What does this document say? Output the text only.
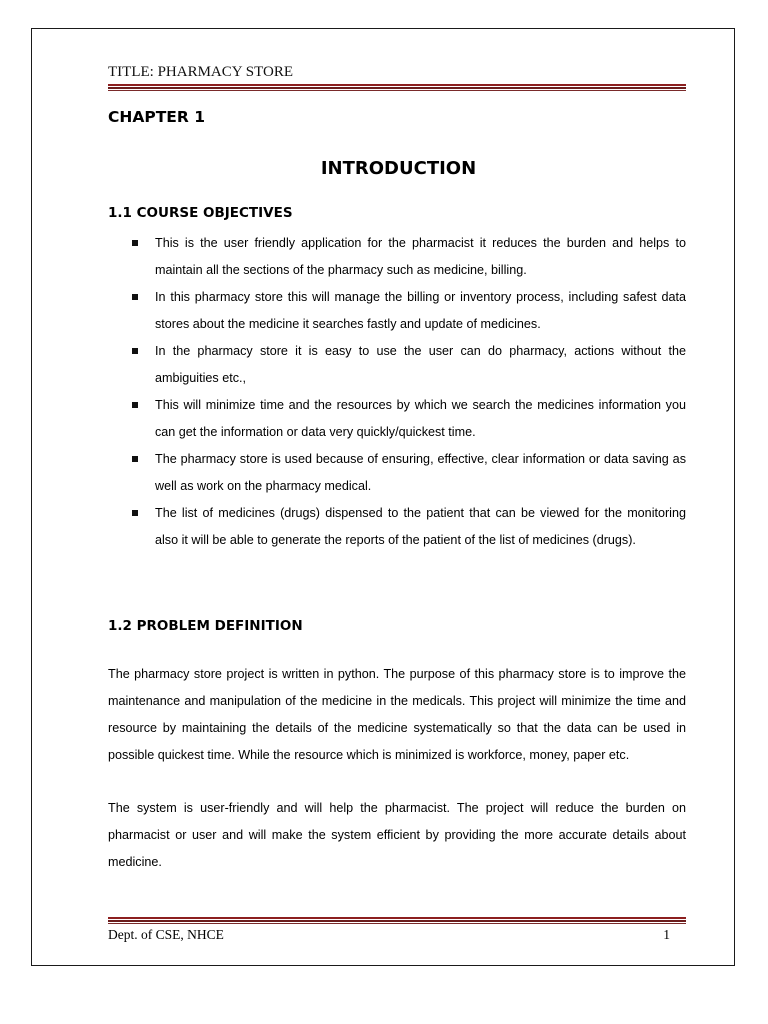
TITLE: PHARMACY STORE
CHAPTER 1
INTRODUCTION
1.1 COURSE OBJECTIVES
This is the user friendly application for the pharmacist it reduces the burden and helps to maintain all the sections of the pharmacy such as medicine, billing.
In this pharmacy store this will manage the billing or inventory process, including safest data stores about the medicine it searches fastly and update of medicines.
In the pharmacy store it is easy to use the user can do pharmacy, actions without the ambiguities etc.,
This will minimize time and the resources by which we search the medicines information you can get the information or data very quickly/quickest time.
The pharmacy store is used because of ensuring, effective, clear information or data saving as well as work on the pharmacy medical.
The list of medicines (drugs) dispensed to the patient that can be viewed for the monitoring also it will be able to generate the reports of the patient of the list of medicines (drugs).
1.2 PROBLEM DEFINITION

The pharmacy store project is written in python. The purpose of this pharmacy store is to improve the maintenance and manipulation of the medicine in the medicals. This project will minimize the time and resource by maintaining the details of the medicine systematically so that the data can be used in possible quickest time. While the resource which is minimized is workforce, money, paper etc.

The system is user-friendly and will help the pharmacist. The project will reduce the burden on pharmacist or user and will make the system efficient by providing the more accurate details about medicine.

Dept. of CSE, NHCE	1
